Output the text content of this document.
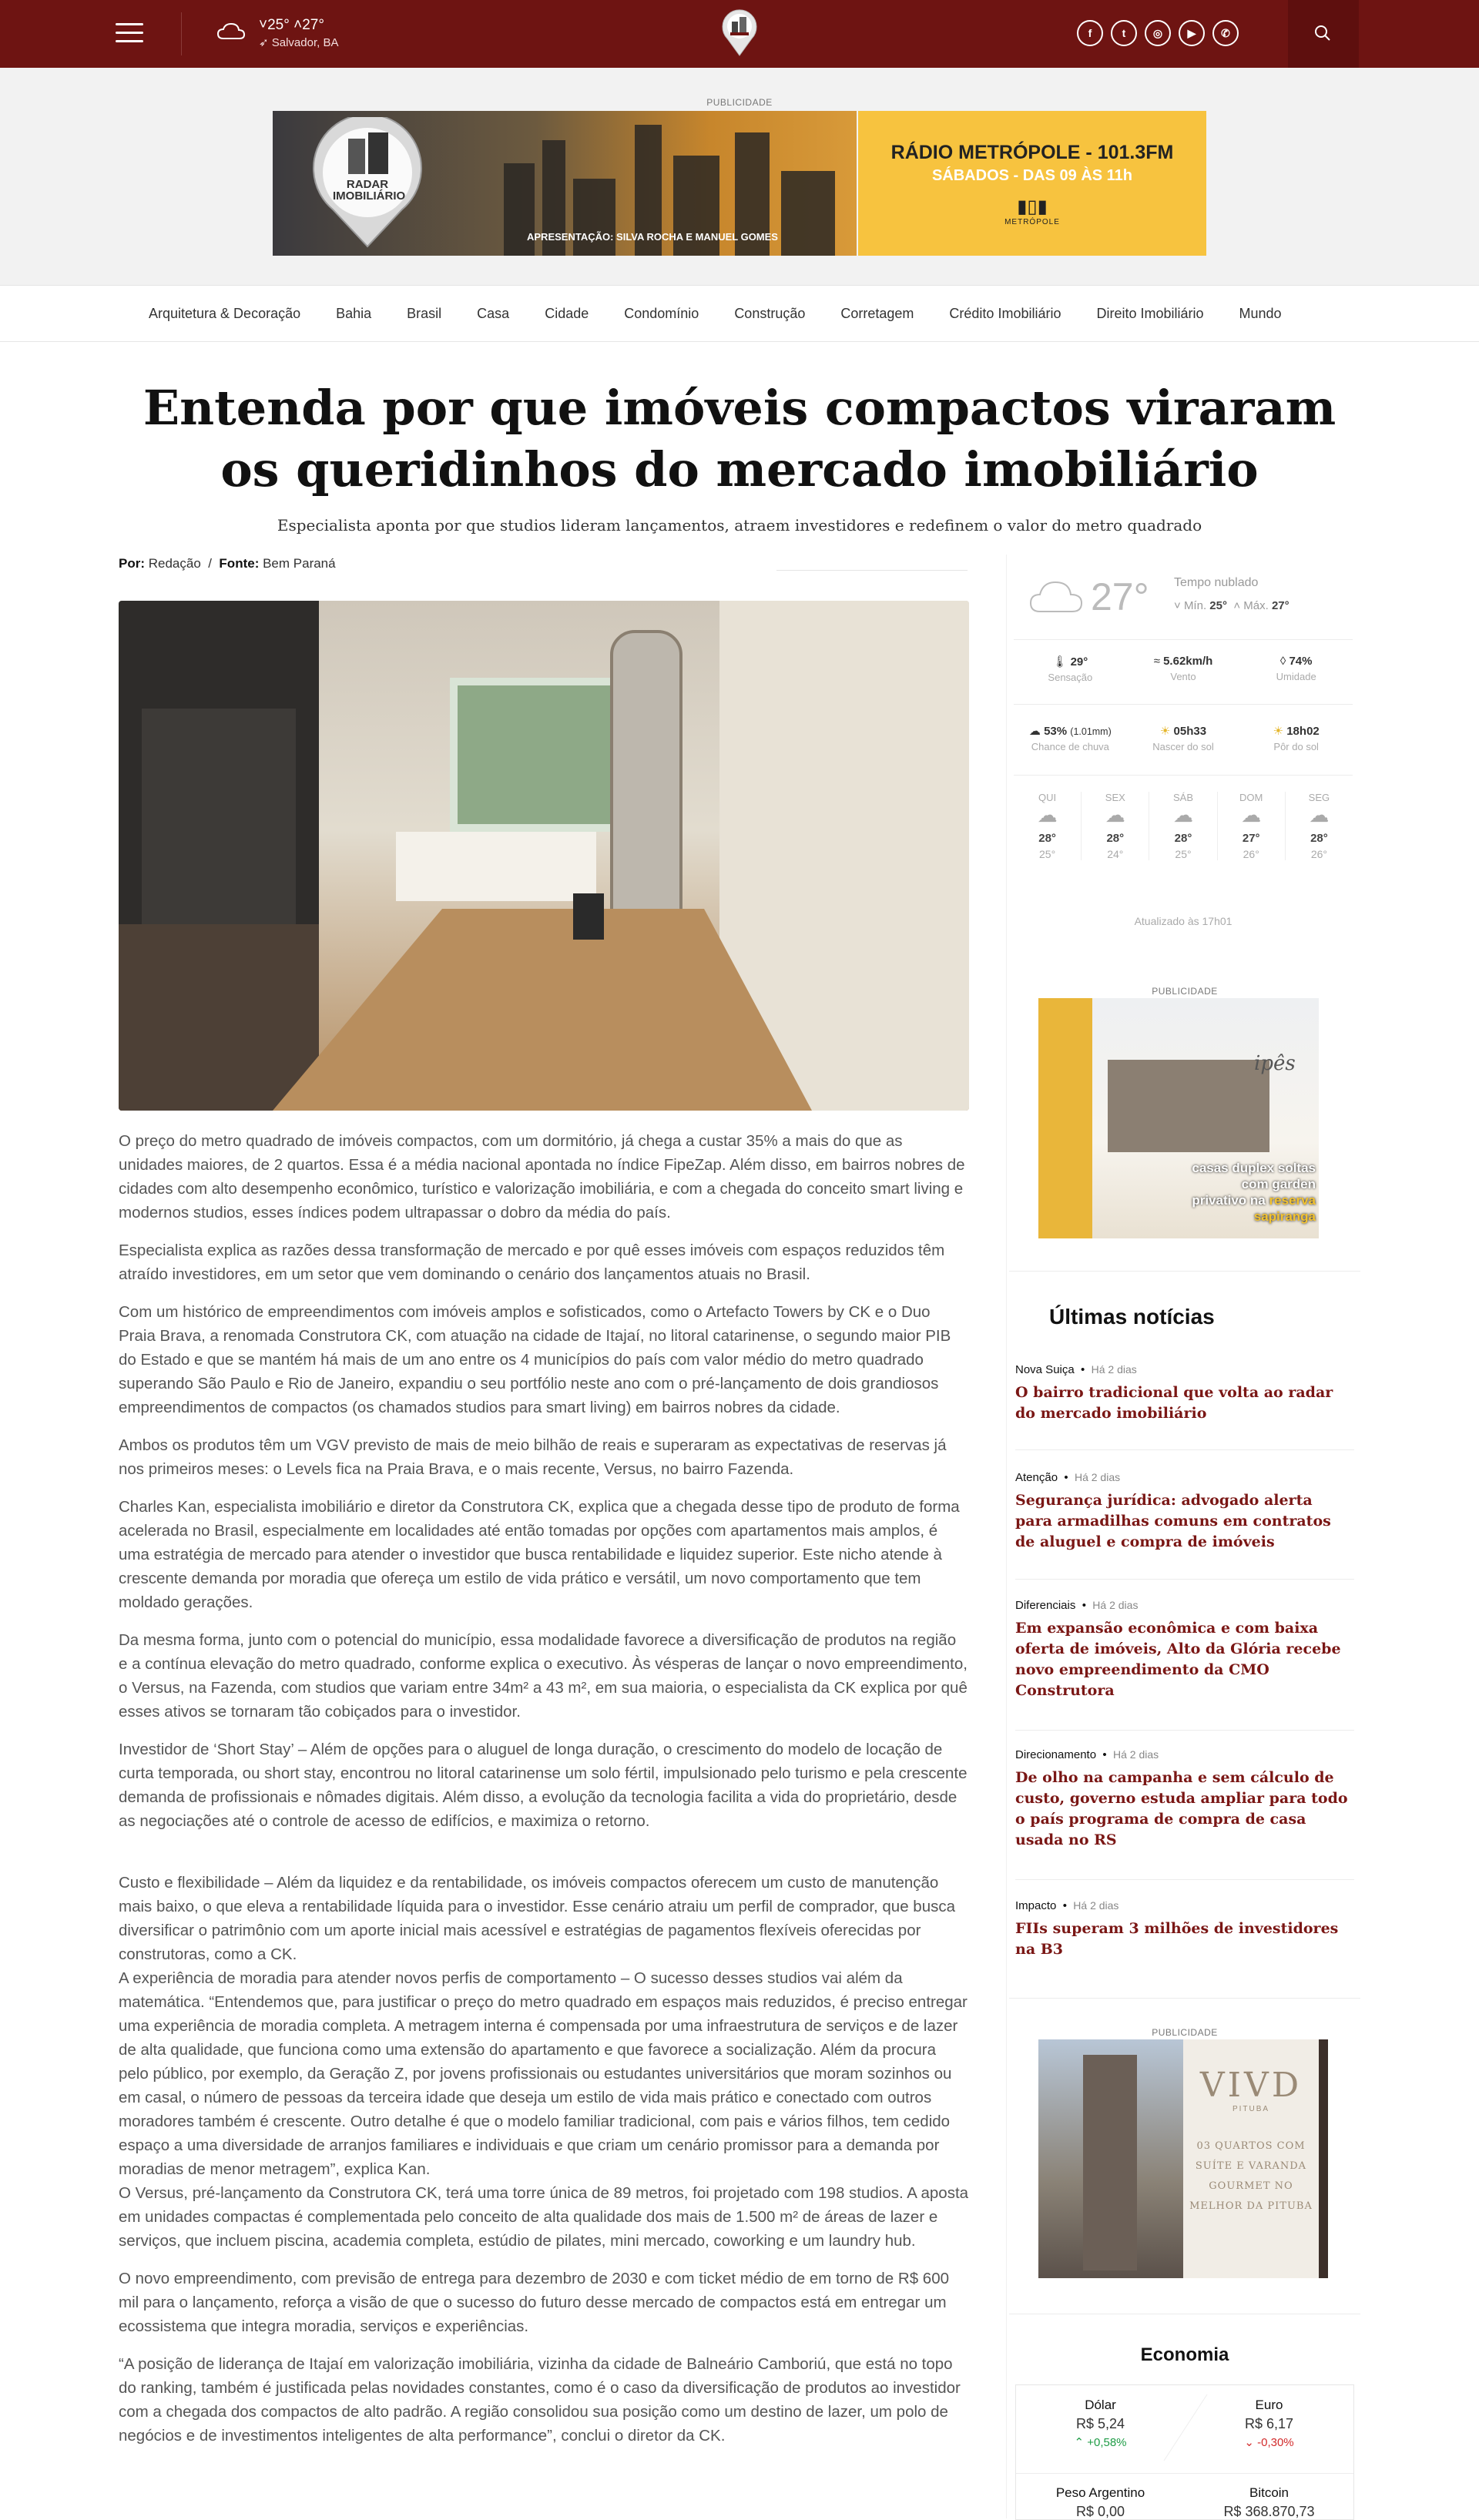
˅25° ˄27°
➶ Salvador, BA
f	t	◎ ▶ ✆
PUBLICIDADE
RADAR IMOBILIÁRIO
APRESENTAÇÃO: SILVA ROCHA E MANUEL GOMES
RÁDIO METRÓPOLE - 101.3FM
SÁBADOS - DAS 09 ÀS 11h
▮▯▮
METRÓPOLE
Arquitetura & Decoração	Bahia	Brasil	Casa	Cidade	Condomínio	Construção	Corretagem	Crédito Imobiliário	Direito Imobiliário	Mundo
Entenda por que imóveis compactos viraram os queridinhos do mercado imobiliário
Especialista aponta por que studios lideram lançamentos, atraem investidores e redefinem o valor do metro quadrado
Por: Redação  /  Fonte: Bem Paraná

O preço do metro quadrado de imóveis compactos, com um dormitório, já chega a custar 35% a mais do que as unidades maiores, de 2 quartos. Essa é a média nacional apontada no índice FipeZap. Além disso, em bairros nobres de cidades com alto desempenho econômico, turístico e valorização imobiliária, e com a chegada do conceito smart living e modernos studios, esses índices podem ultrapassar o dobro da média do país.

Especialista explica as razões dessa transformação de mercado e por quê esses imóveis com espaços reduzidos têm atraído investidores, em um setor que vem dominando o cenário dos lançamentos atuais no Brasil.

Com um histórico de empreendimentos com imóveis amplos e sofisticados, como o Artefacto Towers by CK e o Duo Praia Brava, a renomada Construtora CK, com atuação na cidade de Itajaí, no litoral catarinense, o segundo maior PIB do Estado e que se mantém há mais de um ano entre os 4 municípios do país com valor médio do metro quadrado superando São Paulo e Rio de Janeiro, expandiu o seu portfólio neste ano com o pré-lançamento de dois grandiosos empreendimentos de compactos (os chamados studios para smart living) em bairros nobres da cidade.

Ambos os produtos têm um VGV previsto de mais de meio bilhão de reais e superaram as expectativas de reservas já nos primeiros meses: o Levels fica na Praia Brava, e o mais recente, Versus, no bairro Fazenda.

Charles Kan, especialista imobiliário e diretor da Construtora CK, explica que a chegada desse tipo de produto de forma acelerada no Brasil, especialmente em localidades até então tomadas por opções com apartamentos mais amplos, é uma estratégia de mercado para atender o investidor que busca rentabilidade e liquidez superior. Este nicho atende à crescente demanda por moradia que ofereça um estilo de vida prático e versátil, um novo comportamento que tem moldado gerações.

Da mesma forma, junto com o potencial do município, essa modalidade favorece a diversificação de produtos na região e a contínua elevação do metro quadrado, conforme explica o executivo. Às vésperas de lançar o novo empreendimento, o Versus, na Fazenda, com studios que variam entre 34m² a 43 m², em sua maioria, o especialista da CK explica por quê esses ativos se tornaram tão cobiçados para o investidor.

Investidor de ‘Short Stay’ – Além de opções para o aluguel de longa duração, o crescimento do modelo de locação de curta temporada, ou short stay, encontrou no litoral catarinense um solo fértil, impulsionado pelo turismo e pela crescente demanda de profissionais e nômades digitais. Além disso, a evolução da tecnologia facilita a vida do proprietário, desde as negociações até o controle de acesso de edifícios, e maximiza o retorno.

Custo e flexibilidade – Além da liquidez e da rentabilidade, os imóveis compactos oferecem um custo de manutenção mais baixo, o que eleva a rentabilidade líquida para o investidor. Esse cenário atraiu um perfil de comprador, que busca diversificar o patrimônio com um aporte inicial mais acessível e estratégias de pagamentos flexíveis oferecidas por construtoras, como a CK.

A experiência de moradia para atender novos perfis de comportamento – O sucesso desses studios vai além da matemática. “Entendemos que, para justificar o preço do metro quadrado em espaços mais reduzidos, é preciso entregar uma experiência de moradia completa. A metragem interna é compensada por uma infraestrutura de serviços e de lazer de alta qualidade, que funciona como uma extensão do apartamento e que favorece a socialização. Além da procura pelo público, por exemplo, da Geração Z, por jovens profissionais ou estudantes universitários que moram sozinhos ou em casal, o número de pessoas da terceira idade que deseja um estilo de vida mais prático e conectado com outros moradores também é crescente. Outro detalhe é que o modelo familiar tradicional, com pais e vários filhos, tem cedido espaço a uma diversidade de arranjos familiares e individuais e que criam um cenário promissor para a demanda por moradias de menor metragem”, explica Kan.

O Versus, pré-lançamento da Construtora CK, terá uma torre única de 89 metros, foi projetado com 198 studios. A aposta em unidades compactas é complementada pelo conceito de alta qualidade dos mais de 1.500 m² de áreas de lazer e serviços, que incluem piscina, academia completa, estúdio de pilates, mini mercado, coworking e um laundry hub.

O novo empreendimento, com previsão de entrega para dezembro de 2030 e com ticket médio de em torno de R$ 600 mil para o lançamento, reforça a visão de que o sucesso do futuro desse mercado de compactos está em entregar um ecossistema que integra moradia, serviços e experiências.

“A posição de liderança de Itajaí em valorização imobiliária, vizinha da cidade de Balneário Camboriú, que está no topo do ranking, também é justificada pelas novidades constantes, como é o caso da diversificação de produtos ao investidor com a chegada dos compactos de alto padrão. A região consolidou sua posição como um destino de lazer, um polo de negócios e de investimentos inteligentes de alta performance”, conclui o diretor da CK.

27° Tempo nublado
˅ Mín. 25°  ˄ Máx. 27°
🌡︎ 29°
Sensação
≈ 5.62km/h
Vento
◊ 74%
Umidade
☁︎ 53% (1.01mm)
Chance de chuva
☀︎ 05h33
Nascer do sol
☀︎ 18h02
Pôr do sol
QUI
☁︎
28°
25°
SEX
☁︎
28°
24°
SÁB
☁︎
28°
25°
DOM
☁︎
27°
26°
SEG
☁︎
28°
26°
Atualizado às 17h01
PUBLICIDADE
ipês
casas duplex soltas com garden privativo na reserva sapiranga
Últimas notícias
Nova Suiça  •  Há 2 dias
O bairro tradicional que volta ao radar do mercado imobiliário
Atenção  •  Há 2 dias
Segurança jurídica: advogado alerta para armadilhas comuns em contratos de aluguel e compra de imóveis
Diferenciais  •  Há 2 dias
Em expansão econômica e com baixa oferta de imóveis, Alto da Glória recebe novo empreendimento da CMO Construtora
Direcionamento  •  Há 2 dias
De olho na campanha e sem cálculo de custo, governo estuda ampliar para todo o país programa de compra de casa usada no RS
Impacto  •  Há 2 dias
FIIs superam 3 milhões de investidores na B3
PUBLICIDADE
VIVD
PITUBA
03 QUARTOS COM SUÍTE E VARANDA GOURMET NO MELHOR DA PITUBA
Economia
Dólar
R$ 5,24
⌃ +0,58%
Euro
R$ 6,17
⌄ -0,30%
Peso Argentino
R$ 0,00
Bitcoin
R$ 368.870,73
